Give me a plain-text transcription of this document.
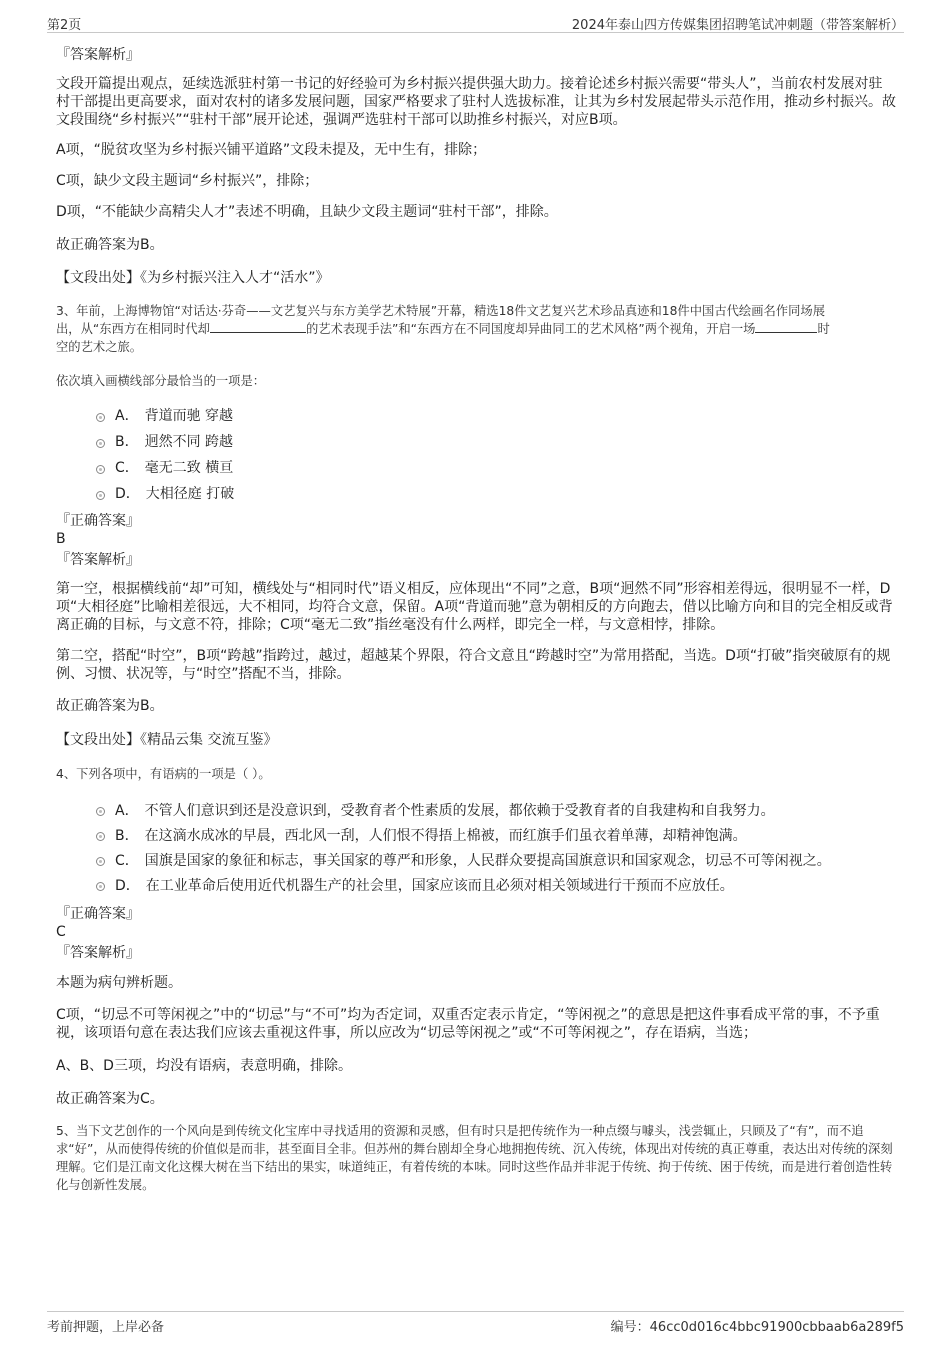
第2页	2024年泰山四方传媒集团招聘笔试冲刺题（带答案解析）
『答案解析』

文段开篇提出观点，延续选派驻村第一书记的好经验可为乡村振兴提供强大助力。接着论述乡村振兴需要“带头人”，当前农村发展对驻村干部提出更高要求，面对农村的诸多发展问题，国家严格要求了驻村人选拔标准，让其为乡村发展起带头示范作用，推动乡村振兴。故文段围绕“乡村振兴”“驻村干部”展开论述，强调严选驻村干部可以助推乡村振兴，对应B项。

A项，“脱贫攻坚为乡村振兴铺平道路”文段未提及，无中生有，排除；

C项，缺少文段主题词“乡村振兴”，排除；

D项，“不能缺少高精尖人才”表述不明确，且缺少文段主题词“驻村干部”，排除。

故正确答案为B。

【文段出处】《为乡村振兴注入人才“活水”》

3、年前，上海博物馆“对话达·芬奇——文艺复兴与东方美学艺术特展”开幕，精选18件文艺复兴艺术珍品真迹和18件中国古代绘画名作同场展
出，从“东西方在相同时代却	的艺术表现手法”和“东西方在不同国度却异曲同工的艺术风格”两个视角，开启一场	时
空的艺术之旅。
依次填入画横线部分最恰当的一项是：
A． 背道而驰 穿越
B． 迥然不同 跨越
C． 毫无二致 横亘
D． 大相径庭 打破
『正确答案』
B
『答案解析』

第一空，根据横线前“却”可知，横线处与“相同时代”语义相反，应体现出“不同”之意，B项“迥然不同”形容相差得远，很明显不一样，D项“大相径庭”比喻相差很远，大不相同，均符合文意，保留。A项“背道而驰”意为朝相反的方向跑去，借以比喻方向和目的完全相反或背离正确的目标，与文意不符，排除；C项“毫无二致”指丝毫没有什么两样，即完全一样，与文意相悖，排除。

第二空，搭配“时空”，B项“跨越”指跨过，越过，超越某个界限，符合文意且“跨越时空”为常用搭配，当选。D项“打破”指突破原有的规例、习惯、状况等，与“时空”搭配不当，排除。

故正确答案为B。

【文段出处】《精品云集 交流互鉴》

4、下列各项中，有语病的一项是（ ）。
A． 不管人们意识到还是没意识到，受教育者个性素质的发展，都依赖于受教育者的自我建构和自我努力。
B． 在这滴水成冰的早晨，西北风一刮，人们恨不得捂上棉被，而红旗手们虽衣着单薄，却精神饱满。
C． 国旗是国家的象征和标志，事关国家的尊严和形象，人民群众要提高国旗意识和国家观念，切忌不可等闲视之。
D． 在工业革命后使用近代机器生产的社会里，国家应该而且必须对相关领域进行干预而不应放任。
『正确答案』
C
『答案解析』

本题为病句辨析题。

C项，“切忌不可等闲视之”中的“切忌”与“不可”均为否定词，双重否定表示肯定，“等闲视之”的意思是把这件事看成平常的事，不予重视，该项语句意在表达我们应该去重视这件事，所以应改为“切忌等闲视之”或“不可等闲视之”，存在语病，当选；

A、B、D三项，均没有语病，表意明确，排除。

故正确答案为C。

5、当下文艺创作的一个风向是到传统文化宝库中寻找适用的资源和灵感，但有时只是把传统作为一种点缀与噱头，浅尝辄止，只顾及了“有”，而不追求“好”，从而使得传统的价值似是而非，甚至面目全非。但苏州的舞台剧却全身心地拥抱传统、沉入传统，体现出对传统的真正尊重，表达出对传统的深刻理解。它们是江南文化这棵大树在当下结出的果实，味道纯正，有着传统的本味。同时这些作品并非泥于传统、拘于传统、困于传统，而是进行着创造性转化与创新性发展。

考前押题，上岸必备	编号：46cc0d016c4bbc91900cbbaab6a289f5
